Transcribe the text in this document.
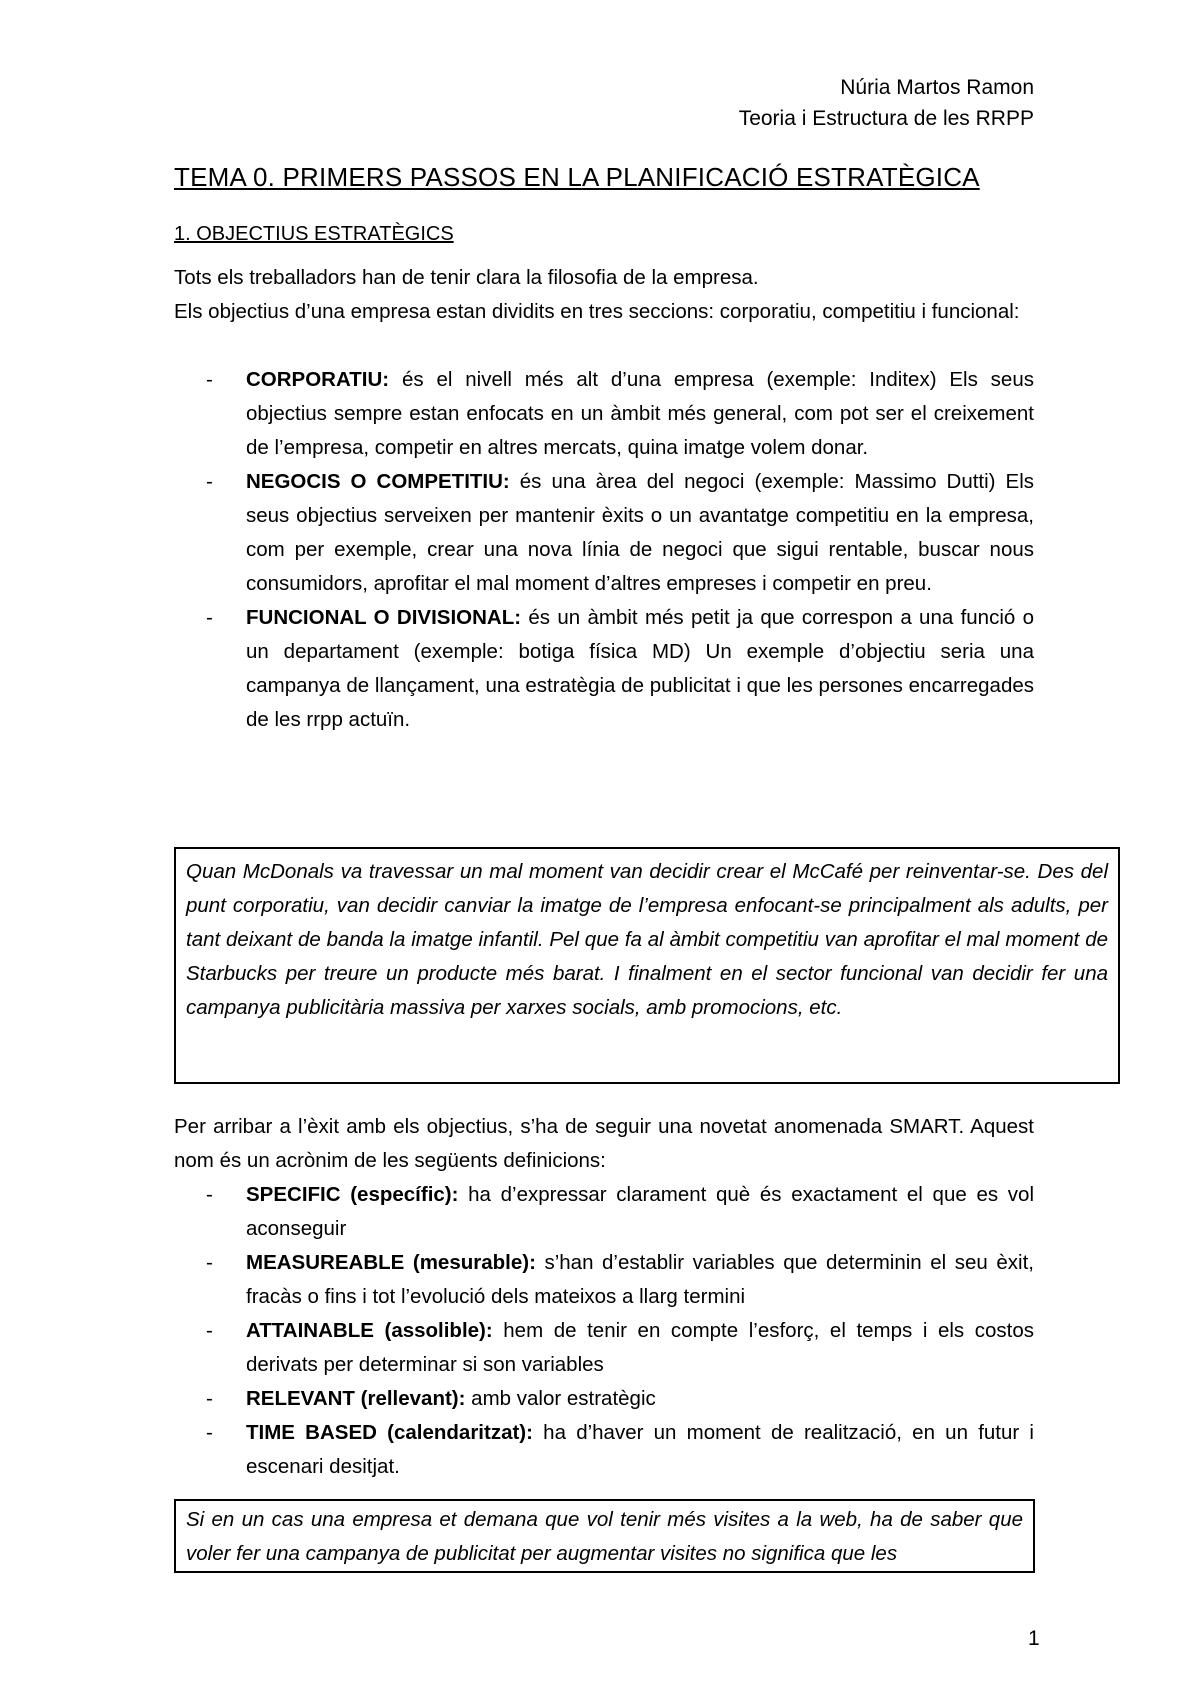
Núria Martos Ramon
Teoria i Estructura de les RRPP
TEMA 0. PRIMERS PASSOS EN LA PLANIFICACIÓ ESTRATÈGICA
1. OBJECTIUS ESTRATÈGICS
Tots els treballadors han de tenir clara la filosofia de la empresa.
Els objectius d’una empresa estan dividits en tres seccions: corporatiu, competitiu i funcional:
- CORPORATIU: és el nivell més alt d’una empresa (exemple: Inditex) Els seus objectius sempre estan enfocats en un àmbit més general, com pot ser el creixement de l’empresa, competir en altres mercats, quina imatge volem donar.
- NEGOCIS O COMPETITIU: és una àrea del negoci (exemple: Massimo Dutti) Els seus objectius serveixen per mantenir èxits o un avantatge competitiu en la empresa, com per exemple, crear una nova línia de negoci que sigui rentable, buscar nous consumidors, aprofitar el mal moment d’altres empreses i competir en preu.
- FUNCIONAL O DIVISIONAL: és un àmbit més petit ja que correspon a una funció o un departament (exemple: botiga física MD) Un exemple d’objectiu seria una campanya de llançament, una estratègia de publicitat i que les persones encarregades de les rrpp actuïn.
Quan McDonals va travessar un mal moment van decidir crear el McCafé per reinventar-se. Des del punt corporatiu, van decidir canviar la imatge de l’empresa enfocant-se principalment als adults, per tant deixant de banda la imatge infantil. Pel que fa al àmbit competitiu van aprofitar el mal moment de Starbucks per treure un producte més barat. I finalment en el sector funcional van decidir fer una campanya publicitària massiva per xarxes socials, amb promocions, etc.
Per arribar a l’èxit amb els objectius, s’ha de seguir una novetat anomenada SMART. Aquest nom és un acrònim de les següents definicions:
- SPECIFIC (específic): ha d’expressar clarament què és exactament el que es vol aconseguir
- MEASUREABLE (mesurable): s’han d’establir variables que determinin el seu èxit, fracàs o fins i tot l’evolució dels mateixos a llarg termini
- ATTAINABLE (assolible): hem de tenir en compte l’esforç, el temps i els costos derivats per determinar si son variables
- RELEVANT (rellevant): amb valor estratègic
- TIME BASED (calendaritzat): ha d’haver un moment de realització, en un futur i escenari desitjat.
Si en un cas una empresa et demana que vol tenir més visites a la web, ha de saber que voler fer una campanya de publicitat per augmentar visites no significa que les
1
